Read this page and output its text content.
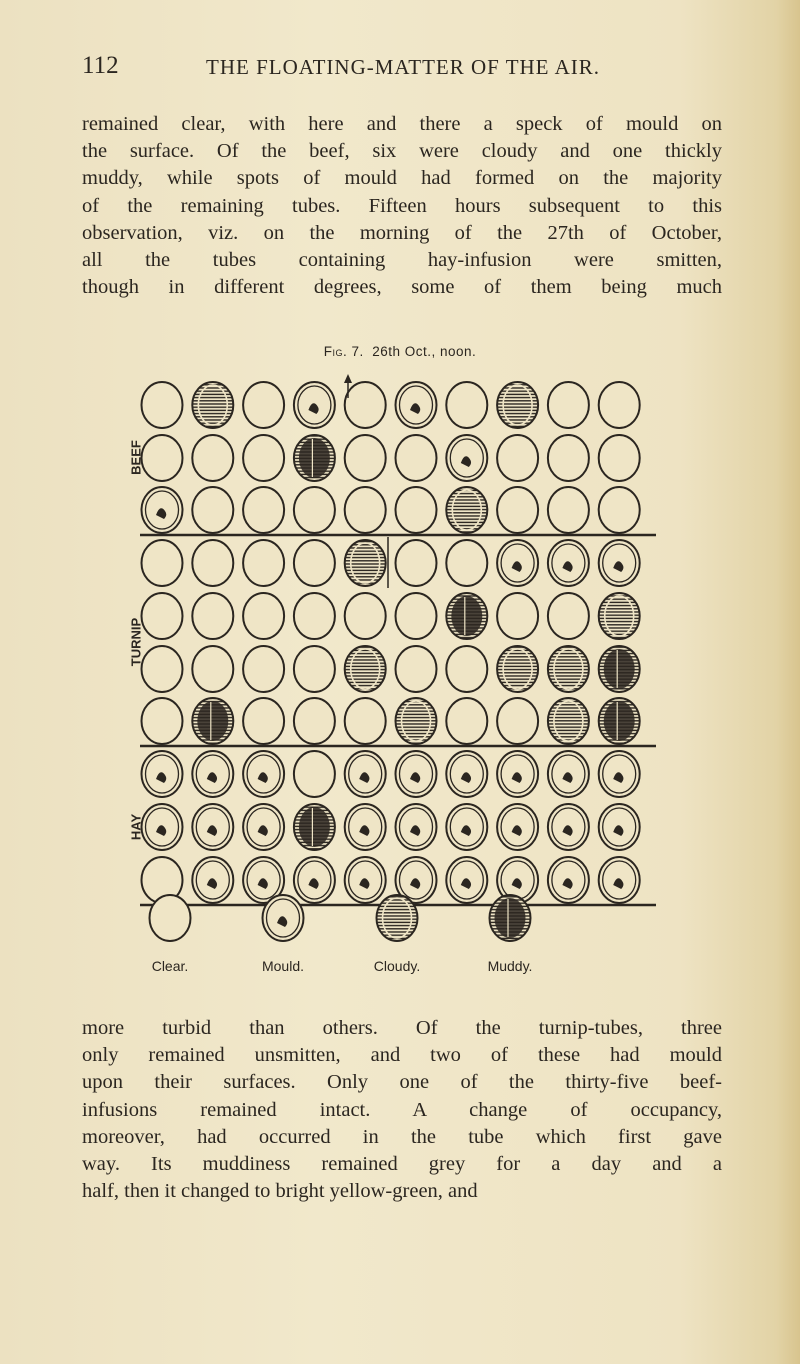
112	THE FLOATING-MATTER OF THE AIR.

remained clear, with here and there a speck of mould on
the surface. Of the beef, six were cloudy and one thickly
muddy, while spots of mould had formed on the majority
of the remaining tubes. Fifteen hours subsequent to this
observation, viz. on the morning of the 27th of October,
all the tubes containing hay-infusion were smitten,
though in different degrees, some of them being much

Fig. 7. 26th Oct., noon.
BEEF
TURNIP
HAY
Clear.	Mould.	Cloudy.	Muddy.

more turbid than others. Of the turnip-tubes, three
only remained unsmitten, and two of these had mould
upon their surfaces. Only one of the thirty-five beef-
infusions remained intact. A change of occupancy,
moreover, had occurred in the tube which first gave
way. Its muddiness remained grey for a day and a
half, then it changed to bright yellow-green, and
